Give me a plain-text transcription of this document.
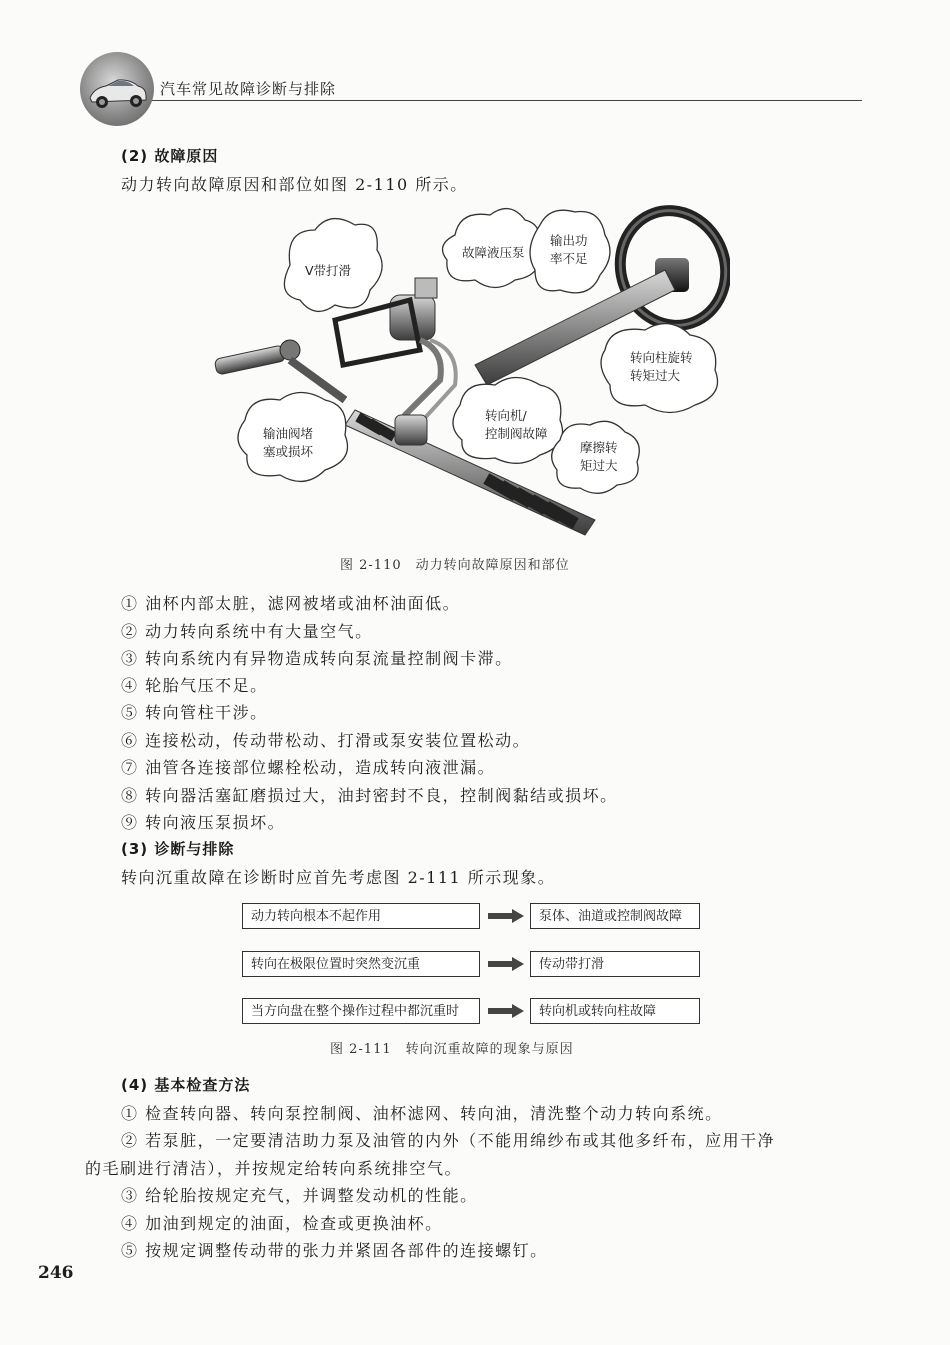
汽车常见故障诊断与排除
(2) 故障原因
动力转向故障原因和部位如图 2-110 所示。
V带打滑
故障液压泵
输出功
率不足
转向柱旋转
转矩过大
输油阀堵
塞或损坏
转向机/
控制阀故障
摩擦转
矩过大
图 2-110　动力转向故障原因和部位
① 油杯内部太脏，滤网被堵或油杯油面低。
② 动力转向系统中有大量空气。
③ 转向系统内有异物造成转向泵流量控制阀卡滞。
④ 轮胎气压不足。
⑤ 转向管柱干涉。
⑥ 连接松动，传动带松动、打滑或泵安装位置松动。
⑦ 油管各连接部位螺栓松动，造成转向液泄漏。
⑧ 转向器活塞缸磨损过大，油封密封不良，控制阀黏结或损坏。
⑨ 转向液压泵损坏。
(3) 诊断与排除
转向沉重故障在诊断时应首先考虑图 2-111 所示现象。
动力转向根本不起作用	泵体、油道或控制阀故障
转向在极限位置时突然变沉重	传动带打滑
当方向盘在整个操作过程中都沉重时	转向机或转向柱故障
图 2-111　转向沉重故障的现象与原因
(4) 基本检查方法
① 检查转向器、转向泵控制阀、油杯滤网、转向油，清洗整个动力转向系统。
② 若泵脏，一定要清洁助力泵及油管的内外（不能用绵纱布或其他多纤布，应用干净
的毛刷进行清洁），并按规定给转向系统排空气。
③ 给轮胎按规定充气，并调整发动机的性能。
④ 加油到规定的油面，检查或更换油杯。
⑤ 按规定调整传动带的张力并紧固各部件的连接螺钉。
246
